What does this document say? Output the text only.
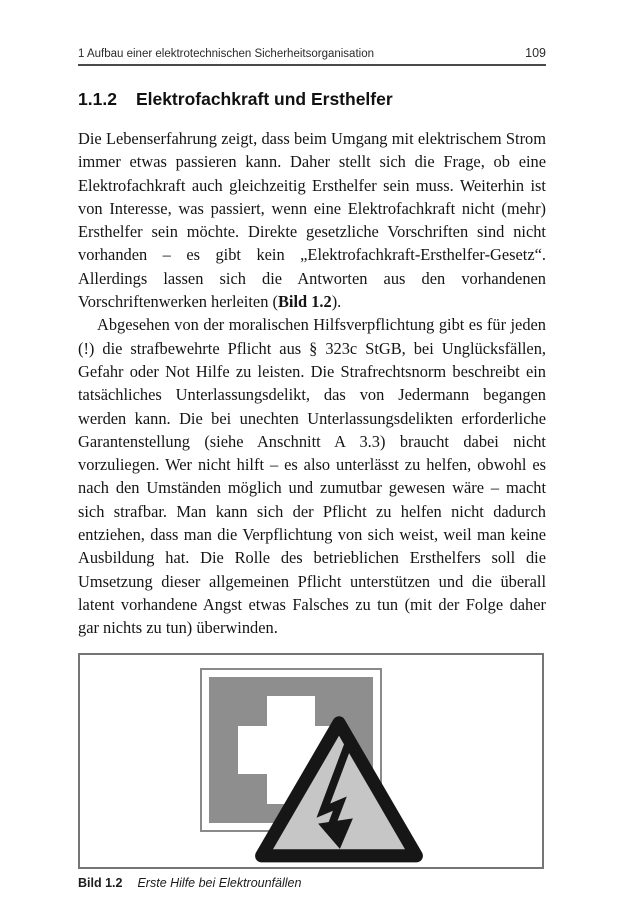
1 Aufbau einer elektrotechnischen Sicherheitsorganisation	109
1.1.2 Elektrofachkraft und Ersthelfer

Die Lebenserfahrung zeigt, dass beim Umgang mit elektrischem Strom immer etwas passieren kann. Daher stellt sich die Frage, ob eine Elektrofachkraft auch gleichzeitig Ersthelfer sein muss. Weiterhin ist von Interesse, was passiert, wenn eine Elektrofachkraft nicht (mehr) Ersthelfer sein möchte. Direkte gesetzliche Vorschriften sind nicht vorhanden – es gibt kein „Elektrofachkraft-Ersthelfer-Gesetz“. Allerdings lassen sich die Antworten aus den vorhandenen Vorschriftenwerken herleiten (Bild 1.2).

Abgesehen von der moralischen Hilfsverpflichtung gibt es für jeden (!) die strafbewehrte Pflicht aus § 323c StGB, bei Unglücksfällen, Gefahr oder Not Hilfe zu leisten. Die Strafrechtsnorm beschreibt ein tatsächliches Unterlassungsdelikt, das von Jedermann begangen werden kann. Die bei unechten Unterlassungsdelikten erforderliche Garantenstellung (siehe Anschnitt A 3.3) braucht dabei nicht vorzuliegen. Wer nicht hilft – es also unterlässt zu helfen, obwohl es nach den Umständen möglich und zumutbar gewesen wäre – macht sich strafbar. Man kann sich der Pflicht zu helfen nicht dadurch entziehen, dass man die Verpflichtung von sich weist, weil man keine Ausbildung hat. Die Rolle des betrieblichen Ersthelfers soll die Umsetzung dieser allgemeinen Pflicht unterstützen und die überall latent vorhandene Angst etwas Falsches zu tun (mit der Folge daher gar nichts zu tun) überwinden.

Bild 1.2 Erste Hilfe bei Elektrounfällen
